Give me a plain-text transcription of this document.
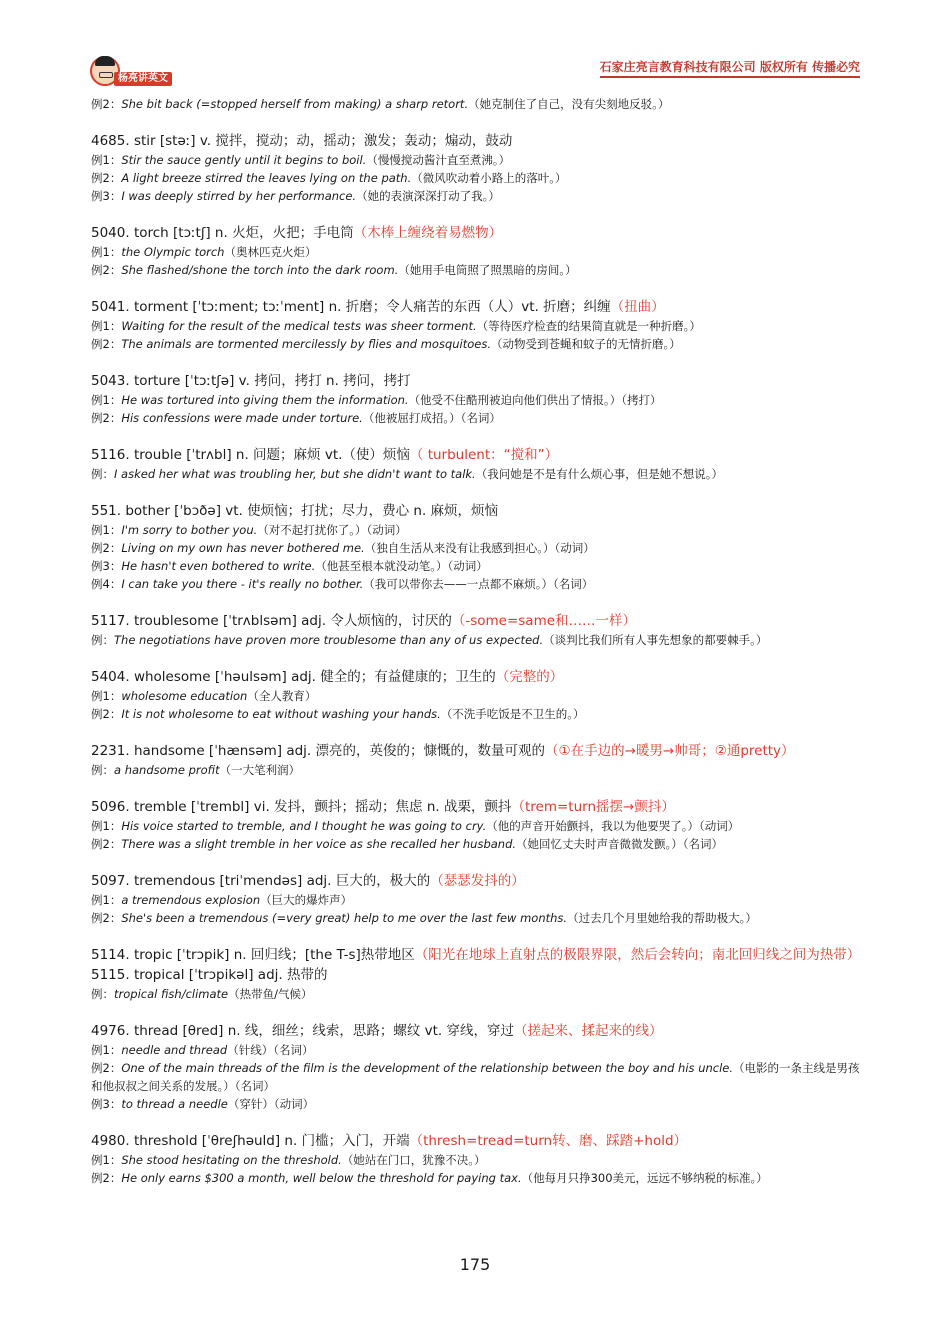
杨亮讲英文
石家庄亮言教育科技有限公司 版权所有 传播必究
例2：She bit back (=stopped herself from making) a sharp retort.（她克制住了自己，没有尖刻地反驳。）
4685. stir [stəː] v. 搅拌，搅动；动，摇动；激发；轰动；煽动，鼓动
例1：Stir the sauce gently until it begins to boil.（慢慢搅动酱汁直至煮沸。）
例2：A light breeze stirred the leaves lying on the path.（微风吹动着小路上的落叶。）
例3：I was deeply stirred by her performance.（她的表演深深打动了我。）
5040. torch [tɔːtʃ] n. 火炬，火把；手电筒（木棒上缠绕着易燃物）
例1：the Olympic torch（奥林匹克火炬）
例2：She flashed/shone the torch into the dark room.（她用手电筒照了照黑暗的房间。）
5041. torment [ˈtɔːment; tɔːˈment] n. 折磨；令人痛苦的东西（人）vt. 折磨；纠缠（扭曲）
例1：Waiting for the result of the medical tests was sheer torment.（等待医疗检查的结果简直就是一种折磨。）
例2：The animals are tormented mercilessly by flies and mosquitoes.（动物受到苍蝇和蚊子的无情折磨。）
5043. torture [ˈtɔːtʃə] v. 拷问，拷打 n. 拷问，拷打
例1：He was tortured into giving them the information.（他受不住酷刑被迫向他们供出了情报。）（拷打）
例2：His confessions were made under torture.（他被屈打成招。）（名词）
5116. trouble [ˈtrʌbl] n. 问题；麻烦 vt.（使）烦恼（ turbulent：“搅和”）
例：I asked her what was troubling her, but she didn't want to talk.（我问她是不是有什么烦心事，但是她不想说。）
551. bother [ˈbɔðə] vt. 使烦恼；打扰；尽力，费心 n. 麻烦，烦恼
例1：I'm sorry to bother you.（对不起打扰你了。）（动词）
例2：Living on my own has never bothered me.（独自生活从来没有让我感到担心。）（动词）
例3：He hasn't even bothered to write.（他甚至根本就没动笔。）（动词）
例4：I can take you there - it's really no bother.（我可以带你去——一点都不麻烦。）（名词）
5117. troublesome [ˈtrʌblsəm] adj. 令人烦恼的，讨厌的（-some=same和……一样）
例：The negotiations have proven more troublesome than any of us expected.（谈判比我们所有人事先想象的都要棘手。）
5404. wholesome [ˈhəulsəm] adj. 健全的；有益健康的；卫生的（完整的）
例1：wholesome education（全人教育）
例2：It is not wholesome to eat without washing your hands.（不洗手吃饭是不卫生的。）
2231. handsome [ˈhænsəm] adj. 漂亮的，英俊的；慷慨的，数量可观的（①在手边的→暖男→帅哥；②通pretty）
例：a handsome profit（一大笔利润）
5096. tremble [ˈtrembl] vi. 发抖，颤抖；摇动；焦虑 n. 战栗，颤抖（trem=turn摇摆→颤抖）
例1：His voice started to tremble, and I thought he was going to cry.（他的声音开始颤抖，我以为他要哭了。）（动词）
例2：There was a slight tremble in her voice as she recalled her husband.（她回忆丈夫时声音微微发颤。）（名词）
5097. tremendous [triˈmendəs] adj. 巨大的，极大的（瑟瑟发抖的）
例1：a tremendous explosion（巨大的爆炸声）
例2：She's been a tremendous (=very great) help to me over the last few months.（过去几个月里她给我的帮助极大。）
5114. tropic [ˈtrɔpik] n. 回归线；[the T-s]热带地区（阳光在地球上直射点的极限界限，然后会转向；南北回归线之间为热带）
5115. tropical [ˈtrɔpikəl] adj. 热带的
例：tropical fish/climate（热带鱼/气候）
4976. thread [θred] n. 线，细丝；线索，思路；螺纹 vt. 穿线，穿过（搓起来、揉起来的线）
例1：needle and thread（针线）（名词）
例2：One of the main threads of the film is the development of the relationship between the boy and his uncle.（电影的一条主线是男孩和他叔叔之间关系的发展。）（名词）
例3：to thread a needle（穿针）（动词）
4980. threshold [ˈθreʃhəuld] n. 门槛；入门，开端（thresh=tread=turn转、磨、踩踏+hold）
例1：She stood hesitating on the threshold.（她站在门口，犹豫不决。）
例2：He only earns $300 a month, well below the threshold for paying tax.（他每月只挣300美元，远远不够纳税的标准。）
175
